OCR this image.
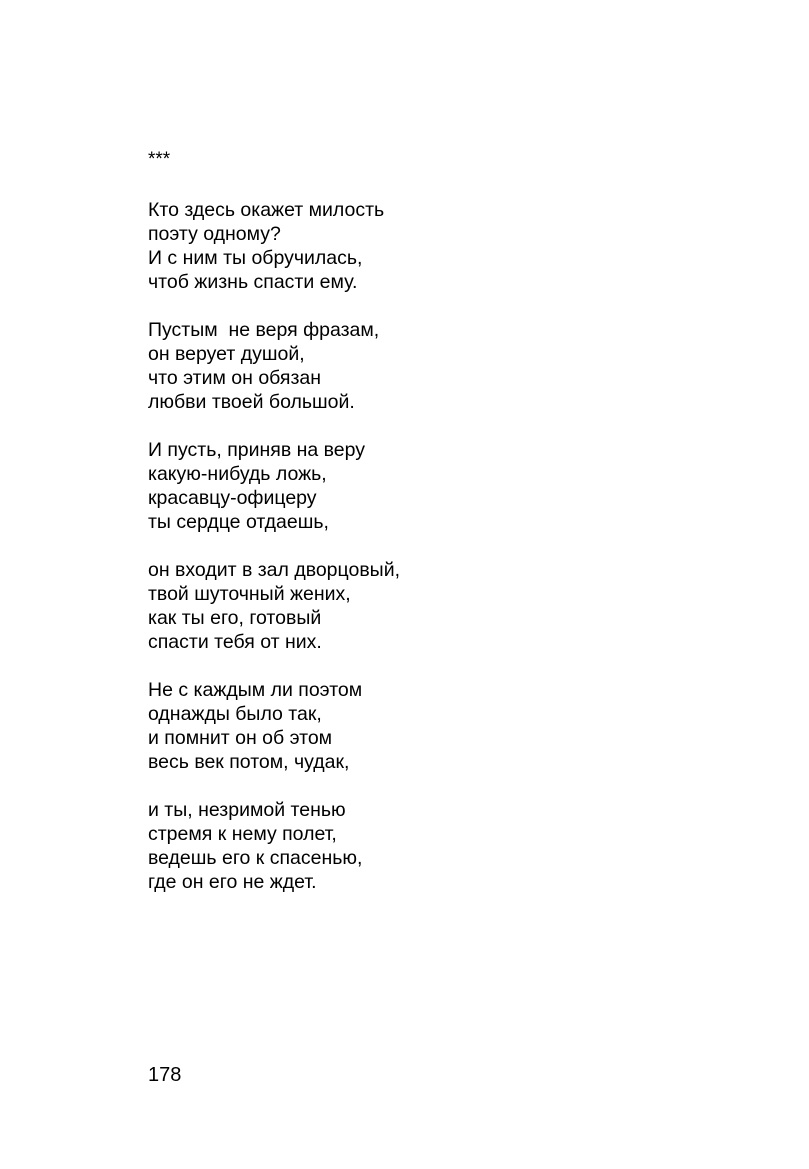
***

Кто здесь окажет милость
поэту одному?
И с ним ты обручилась,
чтоб жизнь спасти ему.
Пустым  не веря фразам,
он верует душой,
что этим он обязан
любви твоей большой.
И пусть, приняв на веру
какую-нибудь ложь,
красавцу-офицеру
ты сердце отдаешь,
он входит в зал дворцовый,
твой шуточный жених,
как ты его, готовый
спасти тебя от них.
Не с каждым ли поэтом
однажды было так,
и помнит он об этом
весь век потом, чудак,
и ты, незримой тенью
стремя к нему полет,
ведешь его к спасенью,
где он его не ждет.

178
